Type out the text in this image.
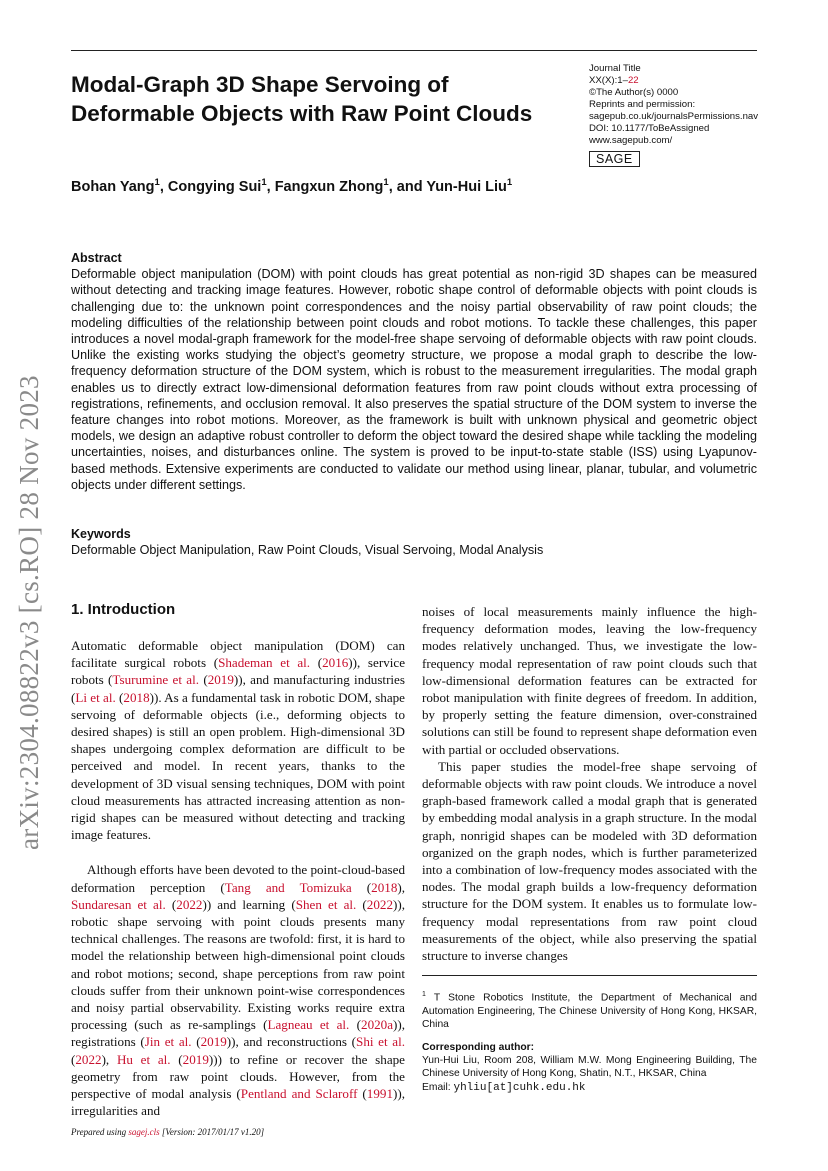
arXiv:2304.08822v3 [cs.RO] 28 Nov 2023
Modal-Graph 3D Shape Servoing of Deformable Objects with Raw Point Clouds
Journal Title
XX(X):1–22
©The Author(s) 0000
Reprints and permission:
sagepub.co.uk/journalsPermissions.nav
DOI: 10.1177/ToBeAssigned
www.sagepub.com/
SAGE
Bohan Yang$^1$, Congying Sui$^1$, Fangxun Zhong$^1$, and Yun-Hui Liu$^1$
Abstract

Deformable object manipulation (DOM) with point clouds has great potential as non-rigid 3D shapes can be measured without detecting and tracking image features. However, robotic shape control of deformable objects with point clouds is challenging due to: the unknown point correspondences and the noisy partial observability of raw point clouds; the modeling difficulties of the relationship between point clouds and robot motions. To tackle these challenges, this paper introduces a novel modal-graph framework for the model-free shape servoing of deformable objects with raw point clouds. Unlike the existing works studying the object’s geometry structure, we propose a modal graph to describe the low-frequency deformation structure of the DOM system, which is robust to the measurement irregularities. The modal graph enables us to directly extract low-dimensional deformation features from raw point clouds without extra processing of registrations, refinements, and occlusion removal. It also preserves the spatial structure of the DOM system to inverse the feature changes into robot motions. Moreover, as the framework is built with unknown physical and geometric object models, we design an adaptive robust controller to deform the object toward the desired shape while tackling the modeling uncertainties, noises, and disturbances online. The system is proved to be input-to-state stable (ISS) using Lyapunov-based methods. Extensive experiments are conducted to validate our method using linear, planar, tubular, and volumetric objects under different settings.

Keywords

Deformable Object Manipulation, Raw Point Clouds, Visual Servoing, Modal Analysis

1. Introduction

Automatic deformable object manipulation (DOM) can facilitate surgical robots (Shademan et al. (2016)), service robots (Tsurumine et al. (2019)), and manufacturing industries (Li et al. (2018)). As a fundamental task in robotic DOM, shape servoing of deformable objects (i.e., deforming objects to desired shapes) is still an open problem. High-dimensional 3D shapes undergoing complex deformation are difficult to be perceived and model. In recent years, thanks to the development of 3D visual sensing techniques, DOM with point cloud measurements has attracted increasing attention as non-rigid shapes can be measured without detecting and tracking image features.

Although efforts have been devoted to the point-cloud-based deformation perception (Tang and Tomizuka (2018), Sundaresan et al. (2022)) and learning (Shen et al. (2022)), robotic shape servoing with point clouds presents many technical challenges. The reasons are twofold: first, it is hard to model the relationship between high-dimensional point clouds and robot motions; second, shape perceptions from raw point clouds suffer from their unknown point-wise correspondences and noisy partial observability. Existing works require extra processing (such as re-samplings (Lagneau et al. (2020a)), registrations (Jin et al. (2019)), and reconstructions (Shi et al. (2022), Hu et al. (2019))) to refine or recover the shape geometry from raw point clouds. However, from the perspective of modal analysis (Pentland and Sclaroff (1991)), irregularities and

noises of local measurements mainly influence the high-frequency deformation modes, leaving the low-frequency modes relatively unchanged. Thus, we investigate the low-frequency modal representation of raw point clouds such that low-dimensional deformation features can be extracted for robot manipulation with finite degrees of freedom. In addition, by properly setting the feature dimension, over-constrained solutions can still be found to represent shape deformation even with partial or occluded observations.

This paper studies the model-free shape servoing of deformable objects with raw point clouds. We introduce a novel graph-based framework called a modal graph that is generated by embedding modal analysis in a graph structure. In the modal graph, nonrigid shapes can be modeled with 3D deformation organized on the graph nodes, which is further parameterized into a combination of low-frequency modes associated with the nodes. The modal graph builds a low-frequency deformation structure for the DOM system. It enables us to formulate low-frequency modal representations from raw point cloud measurements of the object, while also preserving the spatial structure to inverse changes

$^1$ T Stone Robotics Institute, the Department of Mechanical and Automation Engineering, The Chinese University of Hong Kong, HKSAR, China

Corresponding author:

Yun-Hui Liu, Room 208, William M.W. Mong Engineering Building, The Chinese University of Hong Kong, Shatin, N.T., HKSAR, China

Email: yhliu[at]cuhk.edu.hk

Prepared using sagej.cls [Version: 2017/01/17 v1.20]
